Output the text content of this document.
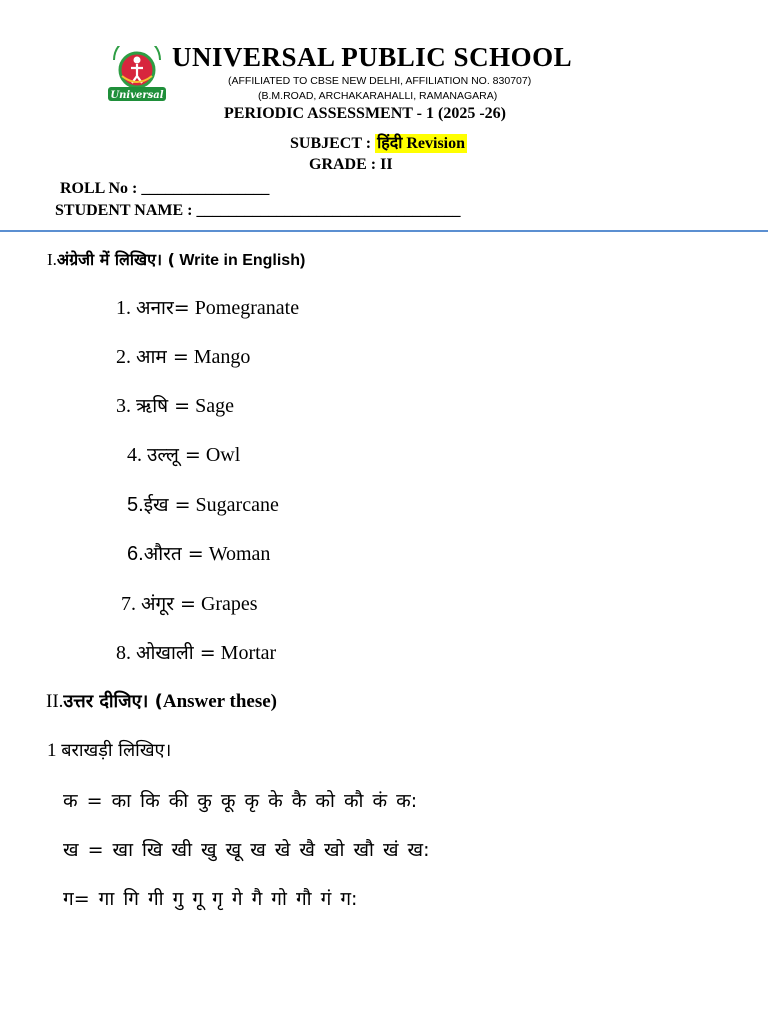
Universal
UNIVERSAL PUBLIC SCHOOL
(AFFILIATED TO CBSE NEW DELHI, AFFILIATION NO. 830707)
(B.M.ROAD, ARCHAKARAHALLI, RAMANAGARA)
PERIODIC ASSESSMENT - 1 (2025 -26)
SUBJECT : हिंदी Revision
GRADE : II
ROLL No : ________________
STUDENT NAME : _________________________________
I.अंग्रेजी में लिखिए। ( Write in English)
1. अनार= Pomegranate
2. आम = Mango
3. ऋषि = Sage
4. उल्लू = Owl
5.ईख = Sugarcane
6.औरत = Woman
7. अंगूर = Grapes
8. ओखाली = Mortar
II.उत्तर दीजिए। (Answer these)
1 बराखड़ी लिखिए।
क = का कि की कु कू कृ के कै को कौ कं क:
ख = खा खि खी खु खू ख खे खै खो खौ खं ख:
ग= गा गि गी गु गू गृ गे गै गो गौ गं ग:
